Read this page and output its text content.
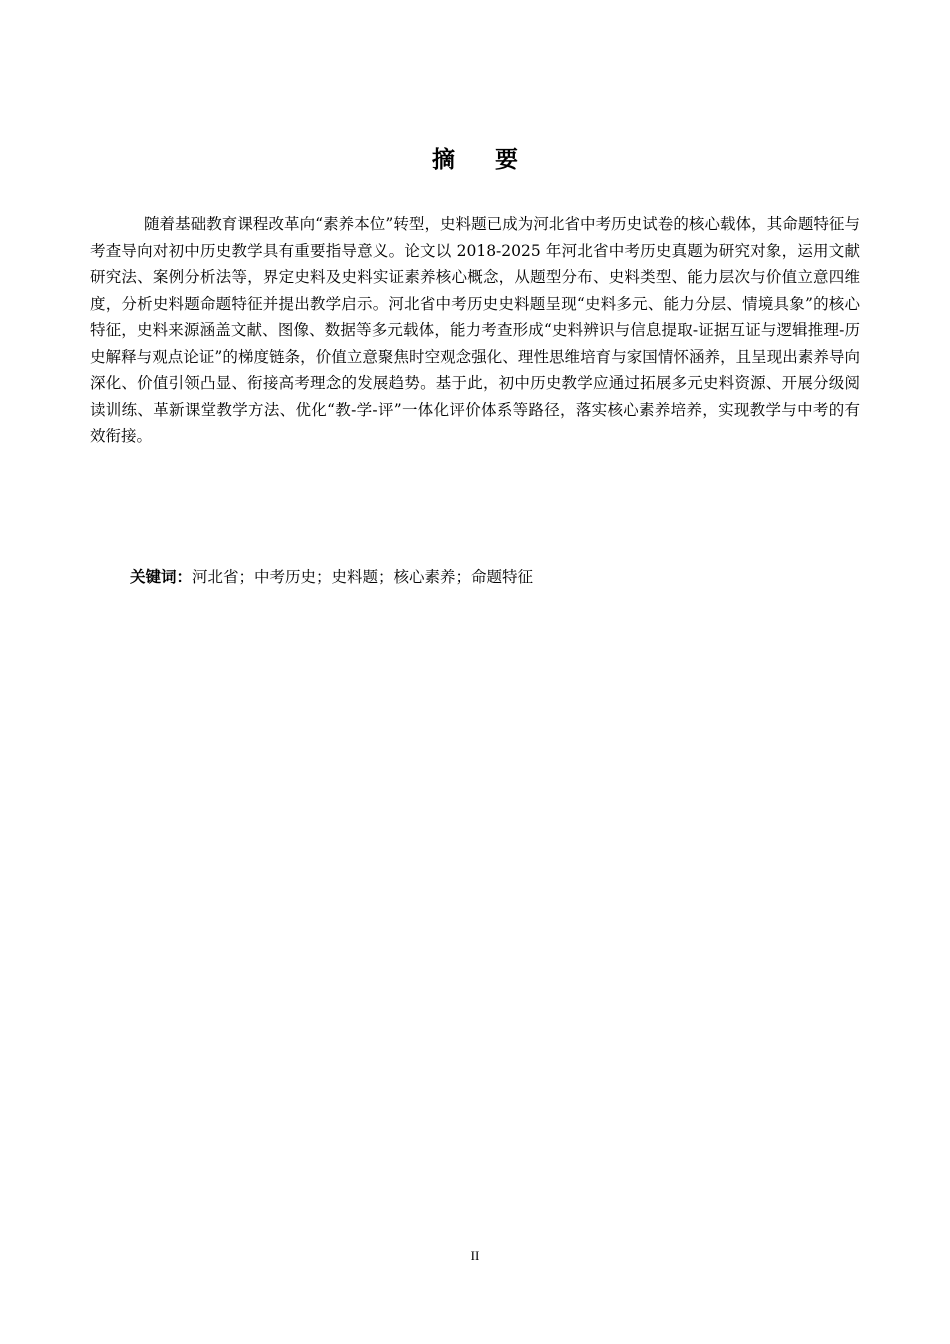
摘要

随着基础教育课程改革向“素养本位”转型，史料题已成为河北省中考历史试卷的核心载体，其命题特征与考查导向对初中历史教学具有重要指导意义。论文以 2018-2025 年河北省中考历史真题为研究对象，运用文献研究法、案例分析法等，界定史料及史料实证素养核心概念，从题型分布、史料类型、能力层次与价值立意四维度，分析史料题命题特征并提出教学启示。河北省中考历史史料题呈现“史料多元、能力分层、情境具象”的核心特征，史料来源涵盖文献、图像、数据等多元载体，能力考查形成“史料辨识与信息提取-证据互证与逻辑推理-历史解释与观点论证”的梯度链条，价值立意聚焦时空观念强化、理性思维培育与家国情怀涵养，且呈现出素养导向深化、价值引领凸显、衔接高考理念的发展趋势。基于此，初中历史教学应通过拓展多元史料资源、开展分级阅读训练、革新课堂教学方法、优化“教-学-评”一体化评价体系等路径，落实核心素养培养，实现教学与中考的有效衔接。

关键词：河北省；中考历史；史料题；核心素养；命题特征

II
